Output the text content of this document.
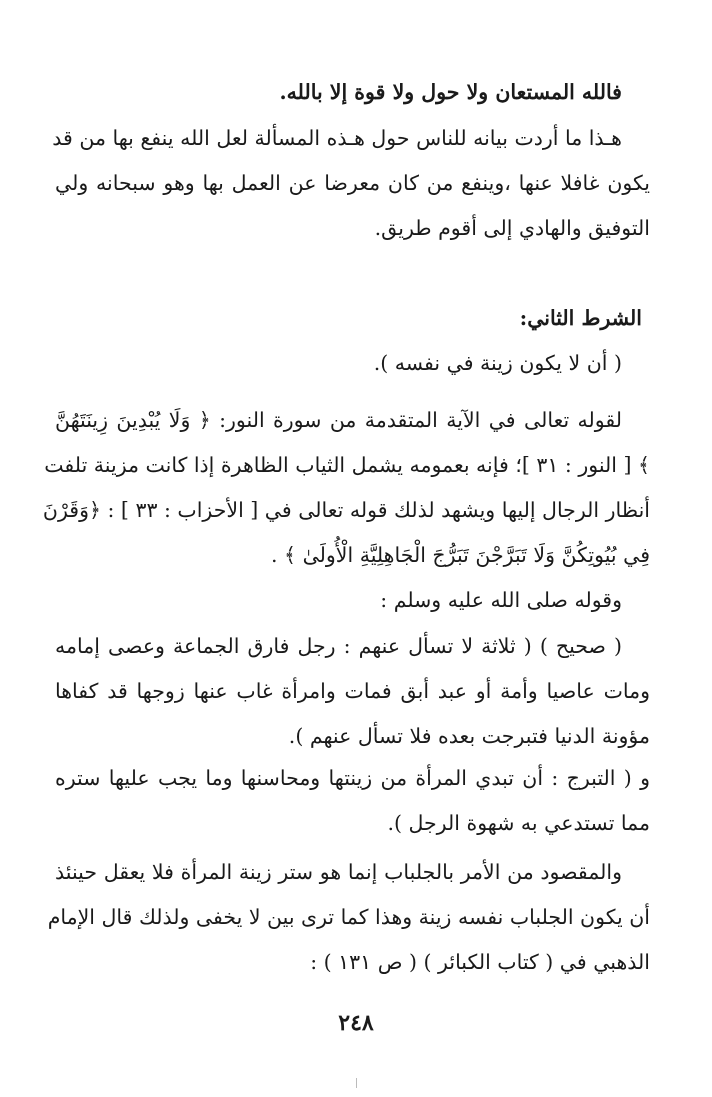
فالله المستعان ولا حول ولا قوة إلا بالله.
هـذا ما أردت بيانه للناس حول هـذه المسألة لعل الله ينفع بها من قد
يكون غافلا عنها ،وينفع من كان معرضا عن العمل بها وهو سبحانه ولي
التوفيق والهادي إلى أقوم طريق.
الشرط الثاني:
( أن لا يكون زينة في نفسه ).
لقوله تعالى في الآية المتقدمة من سورة النور: ﴿ وَلَا يُبْدِينَ زِينَتَهُنَّ
﴾ [ النور : ٣١ ]؛ فإنه بعمومه يشمل الثياب الظاهرة إذا كانت مزينة تلفت
أنظار الرجال إليها ويشهد لذلك قوله تعالى في [ الأحزاب : ٣٣ ] : ﴿وَقَرْنَ
فِي بُيُوتِكُنَّ وَلَا تَبَرَّجْنَ تَبَرُّجَ الْجَاهِلِيَّةِ الْأُولَىٰ ﴾ .
وقوله صلى الله عليه وسلم :
( صحيح ) ( ثلاثة لا تسأل عنهم : رجل فارق الجماعة وعصى إمامه
ومات عاصيا وأمة أو عبد أبق فمات وامرأة غاب عنها زوجها قد كفاها
مؤونة الدنيا فتبرجت بعده فلا تسأل عنهم ).
و ( التبرج : أن تبدي المرأة من زينتها ومحاسنها وما يجب عليها ستره
مما تستدعي به شهوة الرجل ).
والمقصود من الأمر بالجلباب إنما هو ستر زينة المرأة فلا يعقل حينئذ
أن يكون الجلباب نفسه زينة وهذا كما ترى بين لا يخفى ولذلك قال الإمام
الذهبي في ( كتاب الكبائر ) ( ص ١٣١ ) :
٢٤٨
